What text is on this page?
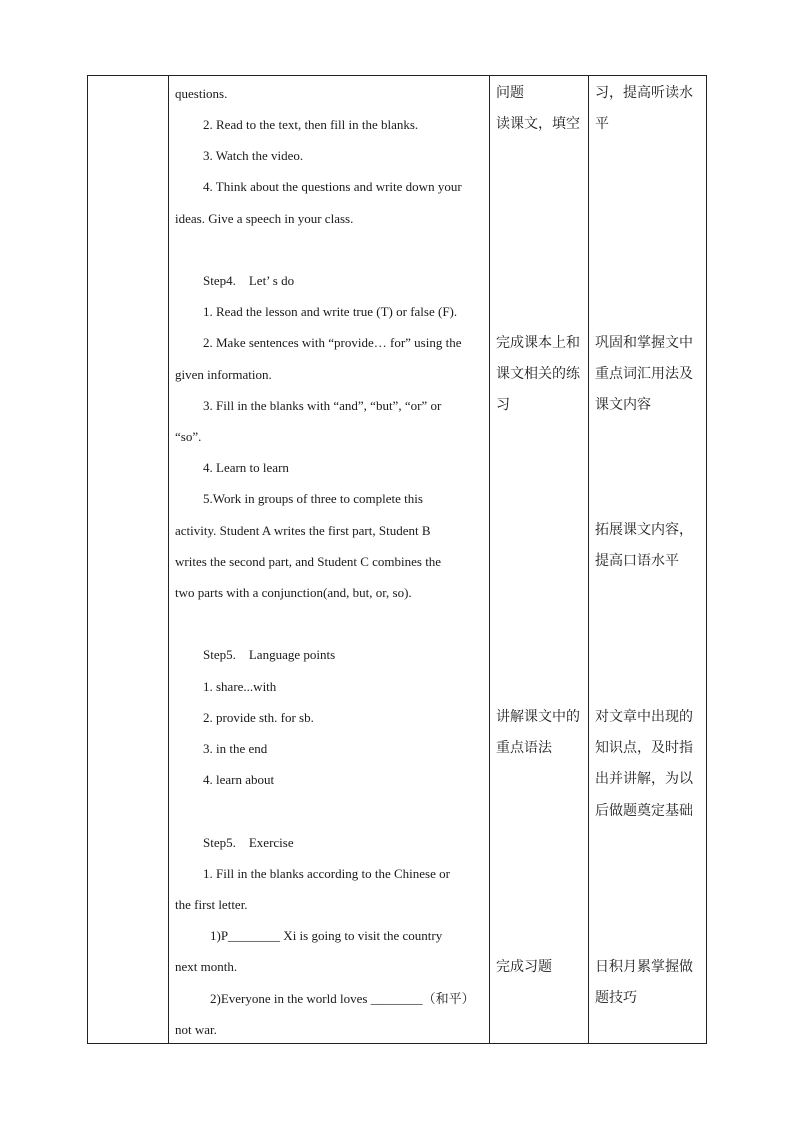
questions.
2. Read to the text, then fill in the blanks.
3. Watch the video.
4. Think about the questions and write down your
ideas. Give a speech in your class.
Step4.    Let’ s do
1. Read the lesson and write true (T) or false (F).
2. Make sentences with “provide… for” using the
given information.
3. Fill in the blanks with “and”, “but”, “or” or
“so”.
4. Learn to learn
5.Work in groups of three to complete this
activity. Student A writes the first part, Student B
writes the second part, and Student C combines the
two parts with a conjunction(and, but, or, so).
Step5.    Language points
1. share...with
2. provide sth. for sb.
3. in the end
4. learn about
Step5.    Exercise
1. Fill in the blanks according to the Chinese or
the first letter.
1)P________ Xi is going to visit the country
next month.
2)Everyone in the world loves ________（和平）
not war.
问题
读课文，填空
完成课本上和
课文相关的练
习
讲解课文中的
重点语法
完成习题
习，提高听读水
平
巩固和掌握文中
重点词汇用法及
课文内容
拓展课文内容，
提高口语水平
对文章中出现的
知识点，及时指
出并讲解，为以
后做题奠定基础
日积月累掌握做
题技巧
